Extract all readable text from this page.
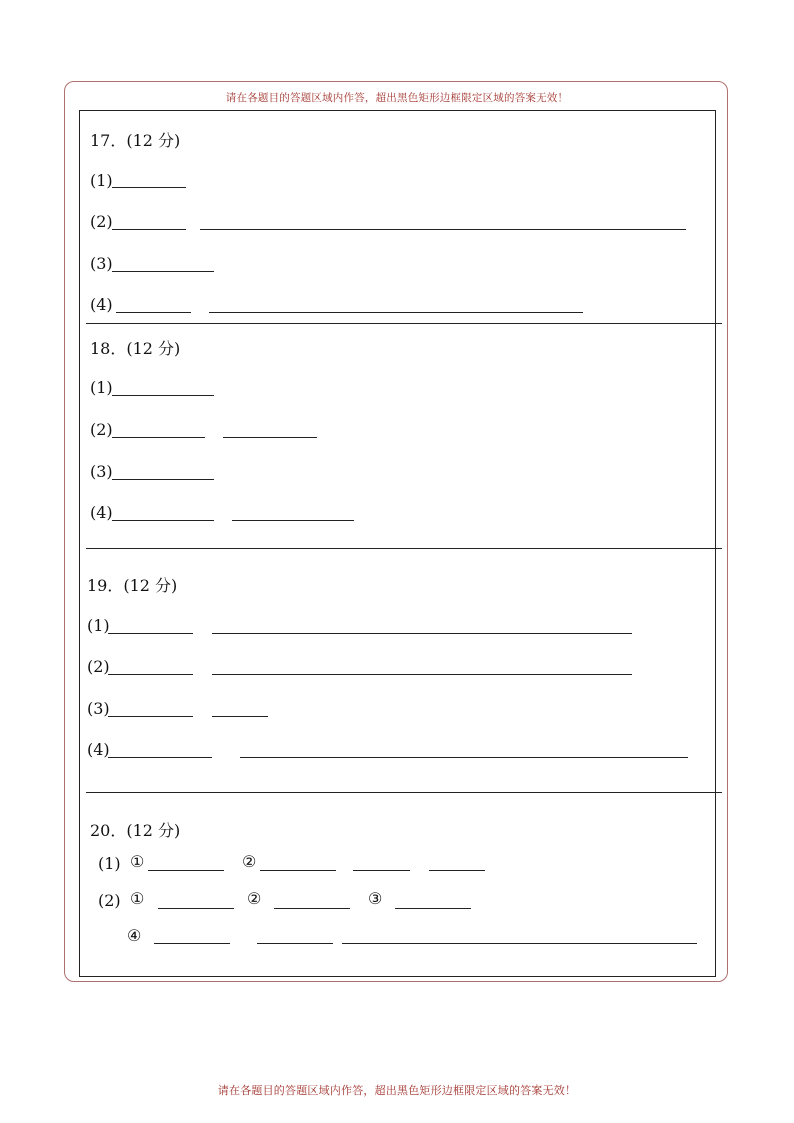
请在各题目的答题区域内作答，超出黑色矩形边框限定区域的答案无效！
17．(12 分)
(1)
(2)
(3)
(4)
18．(12 分)
(1)
(2)
(3)
(4)
19．(12 分)
(1)
(2)
(3)
(4)
20．(12 分)
(1) ①	②
(2) ①	②	③
④
请在各题目的答题区域内作答，超出黑色矩形边框限定区域的答案无效！
